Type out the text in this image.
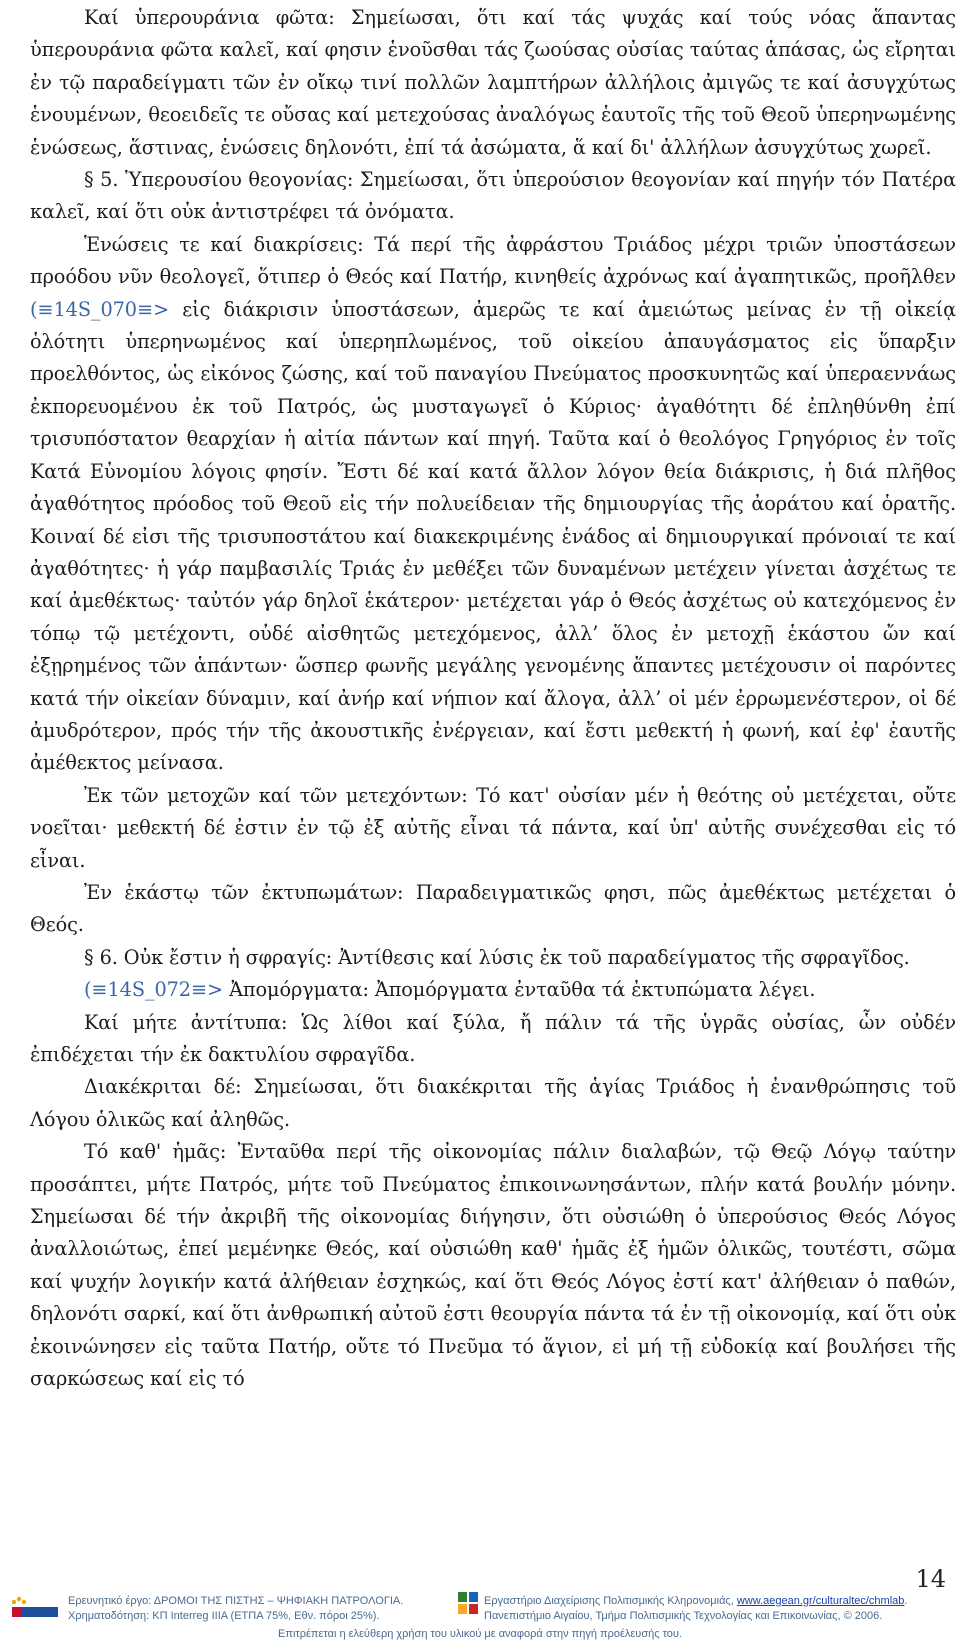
Καί ὑπερουράνια φῶτα: Σημείωσαι, ὅτι καί τάς ψυχάς καί τούς νόας ἅπαντας ὑπερουράνια φῶτα καλεῖ, καί φησιν ἑνοῦσθαι τάς ζωούσας οὐσίας ταύτας ἁπάσας, ὡς εἴρηται ἐν τῷ παραδείγματι τῶν ἐν οἴκῳ τινί πολλῶν λαμπτήρων ἀλλήλοις ἀμιγῶς τε καί ἀσυγχύτως ἑνουμένων, θεοειδεῖς τε οὔσας καί μετεχούσας ἀναλόγως ἑαυτοῖς τῆς τοῦ Θεοῦ ὑπερηνωμένης ἑνώσεως, ἅστινας, ἑνώσεις δηλονότι, ἐπί τά ἀσώματα, ἅ καί δι' ἀλλήλων ἀσυγχύτως χωρεῖ.

§ 5. Ὑπερουσίου θεογονίας: Σημείωσαι, ὅτι ὑπερούσιον θεογονίαν καί πηγήν τόν Πατέρα καλεῖ, καί ὅτι οὐκ ἀντιστρέφει τά ὀνόματα.

Ἑνώσεις τε καί διακρίσεις: Τά περί τῆς ἀφράστου Τριάδος μέχρι τριῶν ὑποστάσεων προόδου νῦν θεολογεῖ, ὅτιπερ ὁ Θεός καί Πατήρ, κινηθείς ἀχρόνως καί ἀγαπητικῶς, προῆλθεν (≡14S_070≡> εἰς διάκρισιν ὑποστάσεων, ἀμερῶς τε καί ἀμειώτως μείνας ἐν τῇ οἰκείᾳ ὁλότητι ὑπερηνωμένος καί ὑπερηπλωμένος, τοῦ οἰκείου ἀπαυγάσματος εἰς ὕπαρξιν προελθόντος, ὡς εἰκόνος ζώσης, καί τοῦ παναγίου Πνεύματος προσκυνητῶς καί ὑπεραεννάως ἐκπορευομένου ἐκ τοῦ Πατρός, ὡς μυσταγωγεῖ ὁ Κύριος· ἀγαθότητι δέ ἐπληθύνθη ἐπί τρισυπόστατον θεαρχίαν ἡ αἰτία πάντων καί πηγή. Ταῦτα καί ὁ θεολόγος Γρηγόριος ἐν τοῖς Κατά Εὐνομίου λόγοις φησίν. Ἔστι δέ καί κατά ἄλλον λόγον θεία διάκρισις, ἡ διά πλῆθος ἀγαθότητος πρόοδος τοῦ Θεοῦ εἰς τήν πολυείδειαν τῆς δημιουργίας τῆς ἀοράτου καί ὁρατῆς. Κοιναί δέ εἰσι τῆς τρισυποστάτου καί διακεκριμένης ἑνάδος αἱ δημιουργικαί πρόνοιαί τε καί ἀγαθότητες· ἡ γάρ παμβασιλίς Τριάς ἐν μεθέξει τῶν δυναμένων μετέχειν γίνεται ἀσχέτως τε καί ἀμεθέκτως· ταὐτόν γάρ δηλοῖ ἑκάτερον· μετέχεται γάρ ὁ Θεός ἀσχέτως οὐ κατεχόμενος ἐν τόπῳ τῷ μετέχοντι, οὐδέ αἰσθητῶς μετεχόμενος, ἀλλ’ ὅλος ἐν μετοχῇ ἑκάστου ὤν καί ἐξῃρημένος τῶν ἁπάντων· ὥσπερ φωνῆς μεγάλης γενομένης ἅπαντες μετέχουσιν οἱ παρόντες κατά τήν οἰκείαν δύναμιν, καί ἀνήρ καί νήπιον καί ἄλογα, ἀλλ’ οἱ μέν ἐρρωμενέστερον, οἱ δέ ἀμυδρότερον, πρός τήν τῆς ἀκουστικῆς ἐνέργειαν, καί ἔστι μεθεκτή ἡ φωνή, καί ἐφ' ἑαυτῆς ἀμέθεκτος μείνασα.

Ἐκ τῶν μετοχῶν καί τῶν μετεχόντων: Τό κατ' οὐσίαν μέν ἡ θεότης οὐ μετέχεται, οὔτε νοεῖται· μεθεκτή δέ ἐστιν ἐν τῷ ἐξ αὐτῆς εἶναι τά πάντα, καί ὑπ' αὐτῆς συνέχεσθαι εἰς τό εἶναι.

Ἐν ἑκάστῳ τῶν ἐκτυπωμάτων: Παραδειγματικῶς φησι, πῶς ἀμεθέκτως μετέχεται ὁ Θεός.

§ 6. Οὐκ ἔστιν ἡ σφραγίς: Ἀντίθεσις καί λύσις ἐκ τοῦ παραδείγματος τῆς σφραγῖδος.

(≡14S_072≡> Ἀπομόργματα: Ἀπομόργματα ἐνταῦθα τά ἐκτυπώματα λέγει.

Καί μήτε ἀντίτυπα: Ὡς λίθοι καί ξύλα, ἤ πάλιν τά τῆς ὑγρᾶς οὐσίας, ὧν οὐδέν ἐπιδέχεται τήν ἐκ δακτυλίου σφραγῖδα.

Διακέκριται δέ: Σημείωσαι, ὅτι διακέκριται τῆς ἁγίας Τριάδος ἡ ἐνανθρώπησις τοῦ Λόγου ὁλικῶς καί ἀληθῶς.

Τό καθ' ἡμᾶς: Ἐνταῦθα περί τῆς οἰκονομίας πάλιν διαλαβών, τῷ Θεῷ Λόγῳ ταύτην προσάπτει, μήτε Πατρός, μήτε τοῦ Πνεύματος ἐπικοινωνησάντων, πλήν κατά βουλήν μόνην. Σημείωσαι δέ τήν ἀκριβῆ τῆς οἰκονομίας διήγησιν, ὅτι οὐσιώθη ὁ ὑπερούσιος Θεός Λόγος ἀναλλοιώτως, ἐπεί μεμένηκε Θεός, καί οὐσιώθη καθ' ἡμᾶς ἐξ ἡμῶν ὁλικῶς, τουτέστι, σῶμα καί ψυχήν λογικήν κατά ἀλήθειαν ἐσχηκώς, καί ὅτι Θεός Λόγος ἐστί κατ' ἀλήθειαν ὁ παθών, δηλονότι σαρκί, καί ὅτι ἀνθρωπική αὐτοῦ ἐστι θεουργία πάντα τά ἐν τῇ οἰκονομίᾳ, καί ὅτι οὐκ ἐκοινώνησεν εἰς ταῦτα Πατήρ, οὔτε τό Πνεῦμα τό ἅγιον, εἰ μή τῇ εὐδοκίᾳ καί βουλήσει τῆς σαρκώσεως καί εἰς τό

14
Ερευνητικό έργο: ΔΡΟΜΟΙ ΤΗΣ ΠΙΣΤΗΣ – ΨΗΦΙΑΚΗ ΠΑΤΡΟΛΟΓΙΑ.
Χρηματοδότηση: ΚΠ Interreg IIIA (ΕΤΠΑ 75%, Εθν. πόροι 25%).
Εργαστήριο Διαχείρισης Πολιτισμικής Κληρονομιάς, www.aegean.gr/culturaltec/chmlab.
Πανεπιστήμιο Αιγαίου, Τμήμα Πολιτισμικής Τεχνολογίας και Επικοινωνίας, © 2006.
Επιτρέπεται η ελεύθερη χρήση του υλικού με αναφορά στην πηγή προέλευσής του.
